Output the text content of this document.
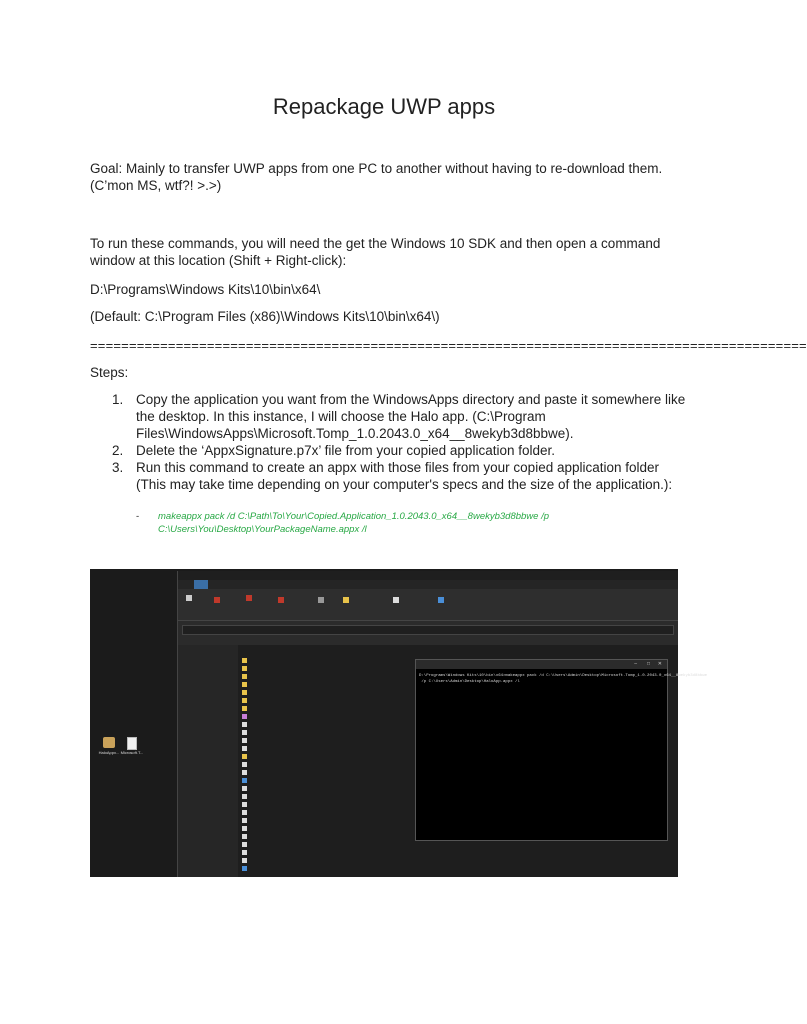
Repackage UWP apps
Goal: Mainly to transfer UWP apps from one PC to another without having to re-download them. (C’mon MS, wtf?! >.>)
To run these commands, you will need the get the Windows 10 SDK and then open a command window at this location (Shift + Right-click):
D:\Programs\Windows Kits\10\bin\x64\
(Default: C:\Program Files (x86)\Windows Kits\10\bin\x64\)
============================================================================================
Steps:
1. Copy the application you want from the WindowsApps directory and paste it somewhere like the desktop. In this instance, I will choose the Halo app. (C:\Program Files\WindowsApps\Microsoft.Tomp_1.0.2043.0_x64__8wekyb3d8bbwe).
2. Delete the ‘AppxSignature.p7x’ file from your copied application folder.
3. Run this command to create an appx with those files from your copied application folder (This may take time depending on your computer's specs and the size of the application.):
-	makeappx pack /d C:\Path\To\Your\Copied.Application_1.0.2043.0_x64__8wekyb3d8bbwe /p C:\Users\You\Desktop\YourPackageName.appx /l
HaloAppx... Microsoft.T...

– □ ✕
D:\Programs\Windows Kits\10\bin\x64>makeappx pack /d C:\Users\Admin\Desktop\Microsoft.Tomp_1.0.2043.0_x64__8wekyb3d8bbwe
/p C:\Users\Admin\Desktop\HaloApp.appx /l
